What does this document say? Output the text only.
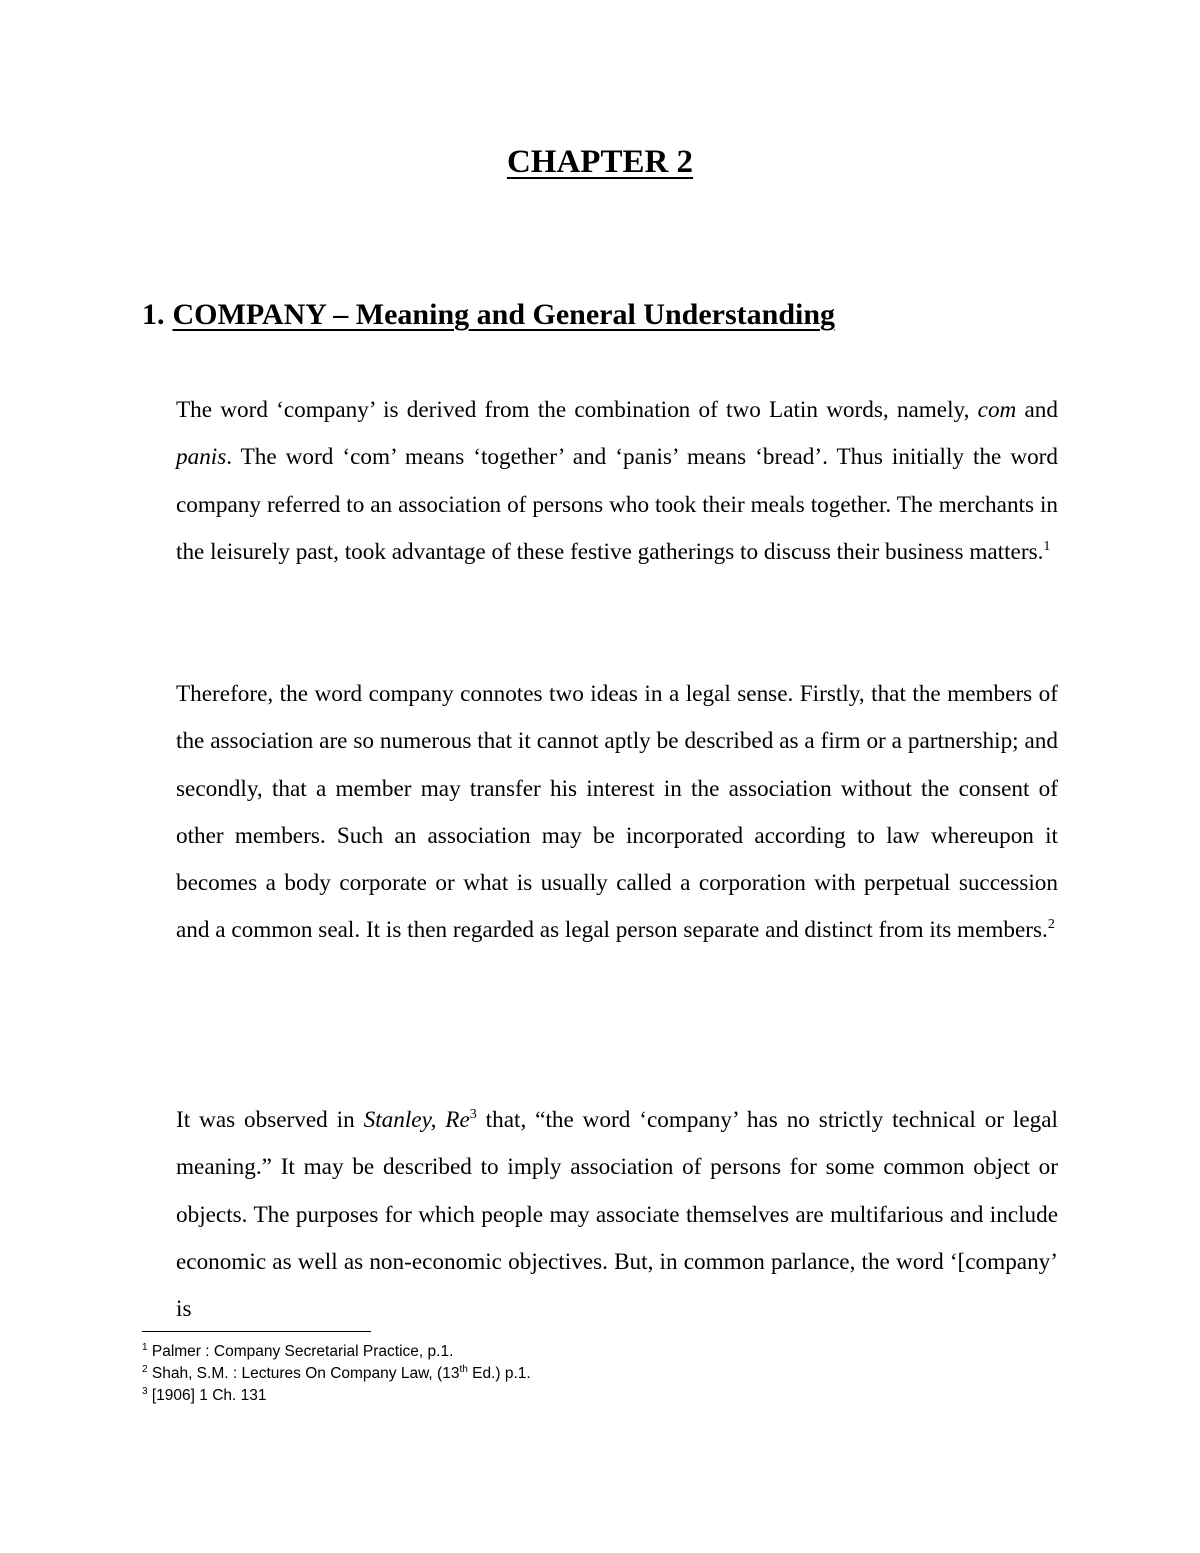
CHAPTER 2
1. COMPANY – Meaning and General Understanding

The word ‘company’ is derived from the combination of two Latin words, namely, com and panis. The word ‘com’ means ‘together’ and ‘panis’ means ‘bread’. Thus initially the word company referred to an association of persons who took their meals together. The merchants in the leisurely past, took advantage of these festive gatherings to discuss their business matters.$^1$

Therefore, the word company connotes two ideas in a legal sense. Firstly, that the members of the association are so numerous that it cannot aptly be described as a firm or a partnership; and secondly, that a member may transfer his interest in the association without the consent of other members. Such an association may be incorporated according to law whereupon it becomes a body corporate or what is usually called a corporation with perpetual succession and a common seal. It is then regarded as legal person separate and distinct from its members.$^2$

It was observed in Stanley, Re$^3$ that, “the word ‘company’ has no strictly technical or legal meaning.” It may be described to imply association of persons for some common object or objects. The purposes for which people may associate themselves are multifarious and include economic as well as non-economic objectives. But, in common parlance, the word ‘[company’ is

$^1$ Palmer : Company Secretarial Practice, p.1.
$^2$ Shah, S.M. : Lectures On Company Law, (13th Ed.) p.1.
$^3$ [1906] 1 Ch. 131
